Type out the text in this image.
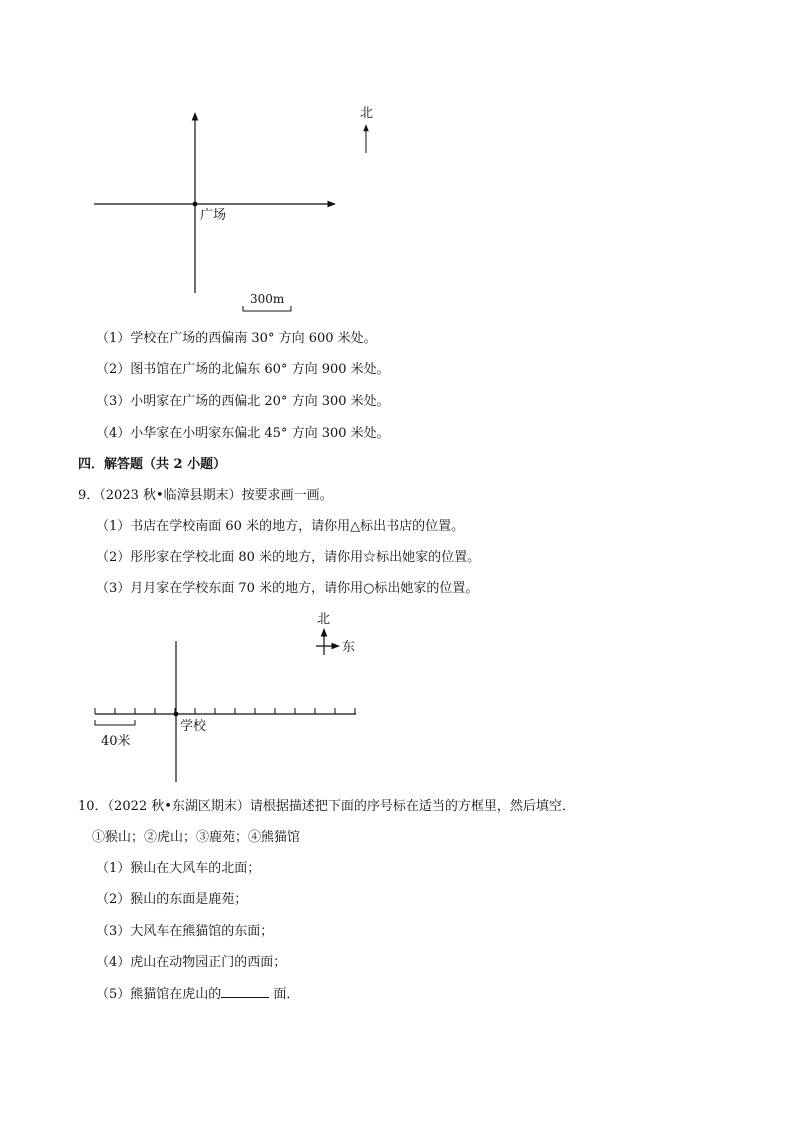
广场
北
300m
（1）学校在广场的西偏南 30° 方向 600 米处。
（2）图书馆在广场的北偏东 60° 方向 900 米处。
（3）小明家在广场的西偏北 20° 方向 300 米处。
（4）小华家在小明家东偏北 45° 方向 300 米处。
四．解答题（共 2 小题）
9．（2023 秋•临漳县期末）按要求画一画。
（1）书店在学校南面 60 米的地方，请你用△标出书店的位置。
（2）彤彤家在学校北面 80 米的地方，请你用☆标出她家的位置。
（3）月月家在学校东面 70 米的地方，请你用○标出她家的位置。
学校
40米
北
东
10．（2022 秋•东湖区期末）请根据描述把下面的序号标在适当的方框里，然后填空．
①猴山；②虎山；③鹿苑；④熊猫馆
（1）猴山在大风车的北面；
（2）猴山的东面是鹿苑；
（3）大风车在熊猫馆的东面；
（4）虎山在动物园正门的西面；
（5）熊猫馆在虎山的	面．
